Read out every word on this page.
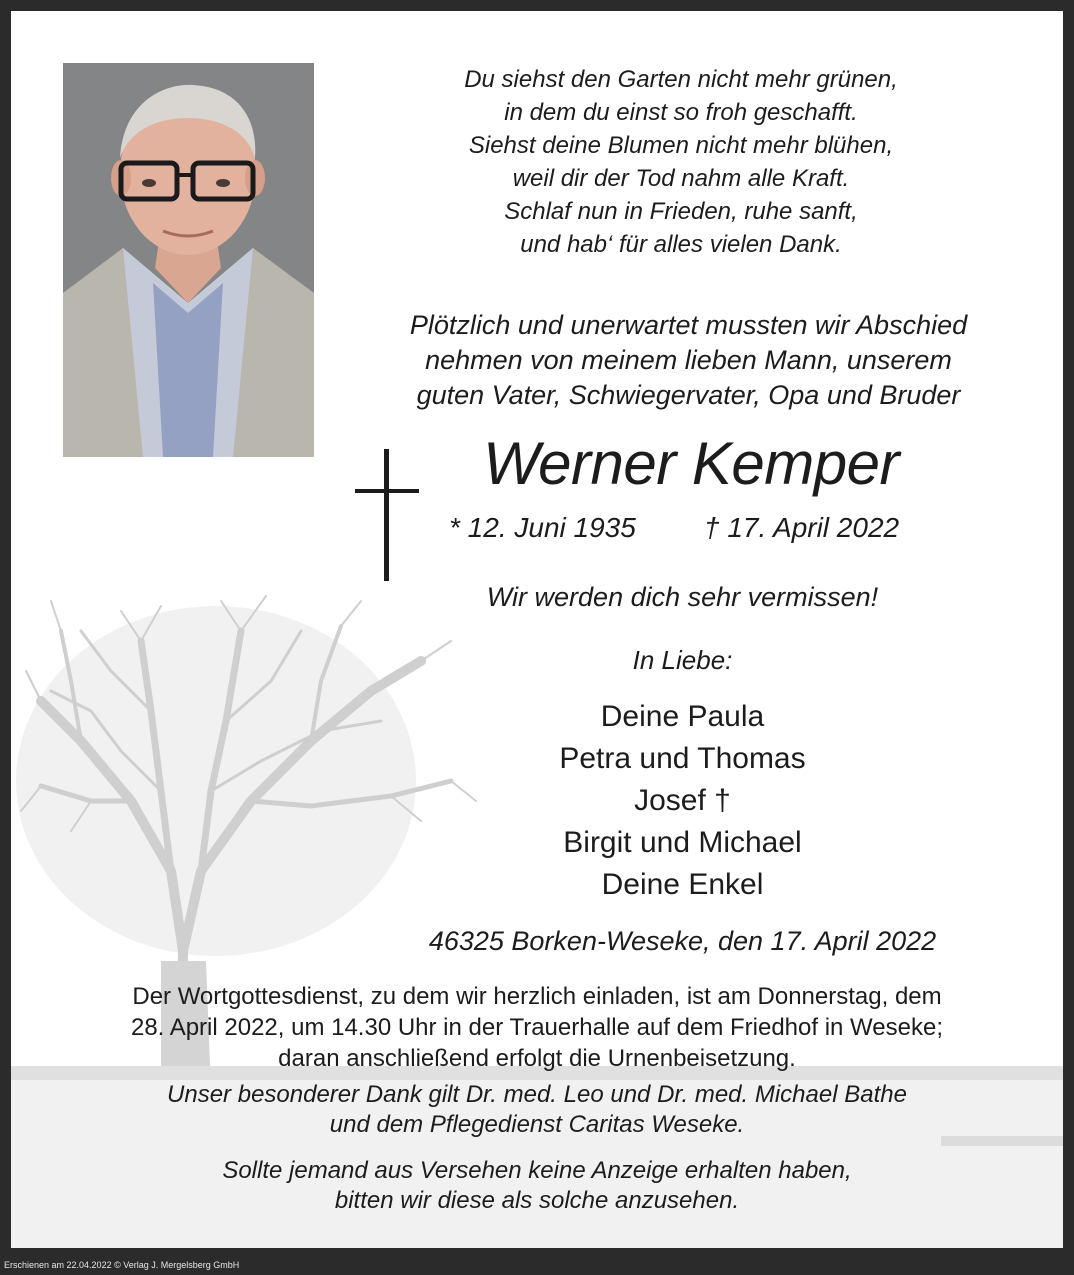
Du siehst den Garten nicht mehr grünen,
in dem du einst so froh geschafft.
Siehst deine Blumen nicht mehr blühen,
weil dir der Tod nahm alle Kraft.
Schlaf nun in Frieden, ruhe sanft,
und hab‘ für alles vielen Dank.
Plötzlich und unerwartet mussten wir Abschied
nehmen von meinem lieben Mann, unserem
guten Vater, Schwiegervater, Opa und Bruder
Werner Kemper
* 12. Juni 1935 † 17. April 2022
Wir werden dich sehr vermissen!
In Liebe:
Deine Paula
Petra und Thomas
Josef †
Birgit und Michael
Deine Enkel
46325 Borken-Weseke, den 17. April 2022
Der Wortgottesdienst, zu dem wir herzlich einladen, ist am Donnerstag, dem
28. April 2022, um 14.30 Uhr in der Trauerhalle auf dem Friedhof in Weseke;
daran anschließend erfolgt die Urnenbeisetzung.
Unser besonderer Dank gilt Dr. med. Leo und Dr. med. Michael Bathe
und dem Pflegedienst Caritas Weseke.
Sollte jemand aus Versehen keine Anzeige erhalten haben,
bitten wir diese als solche anzusehen.
Erschienen am 22.04.2022 © Verlag J. Mergelsberg GmbH
